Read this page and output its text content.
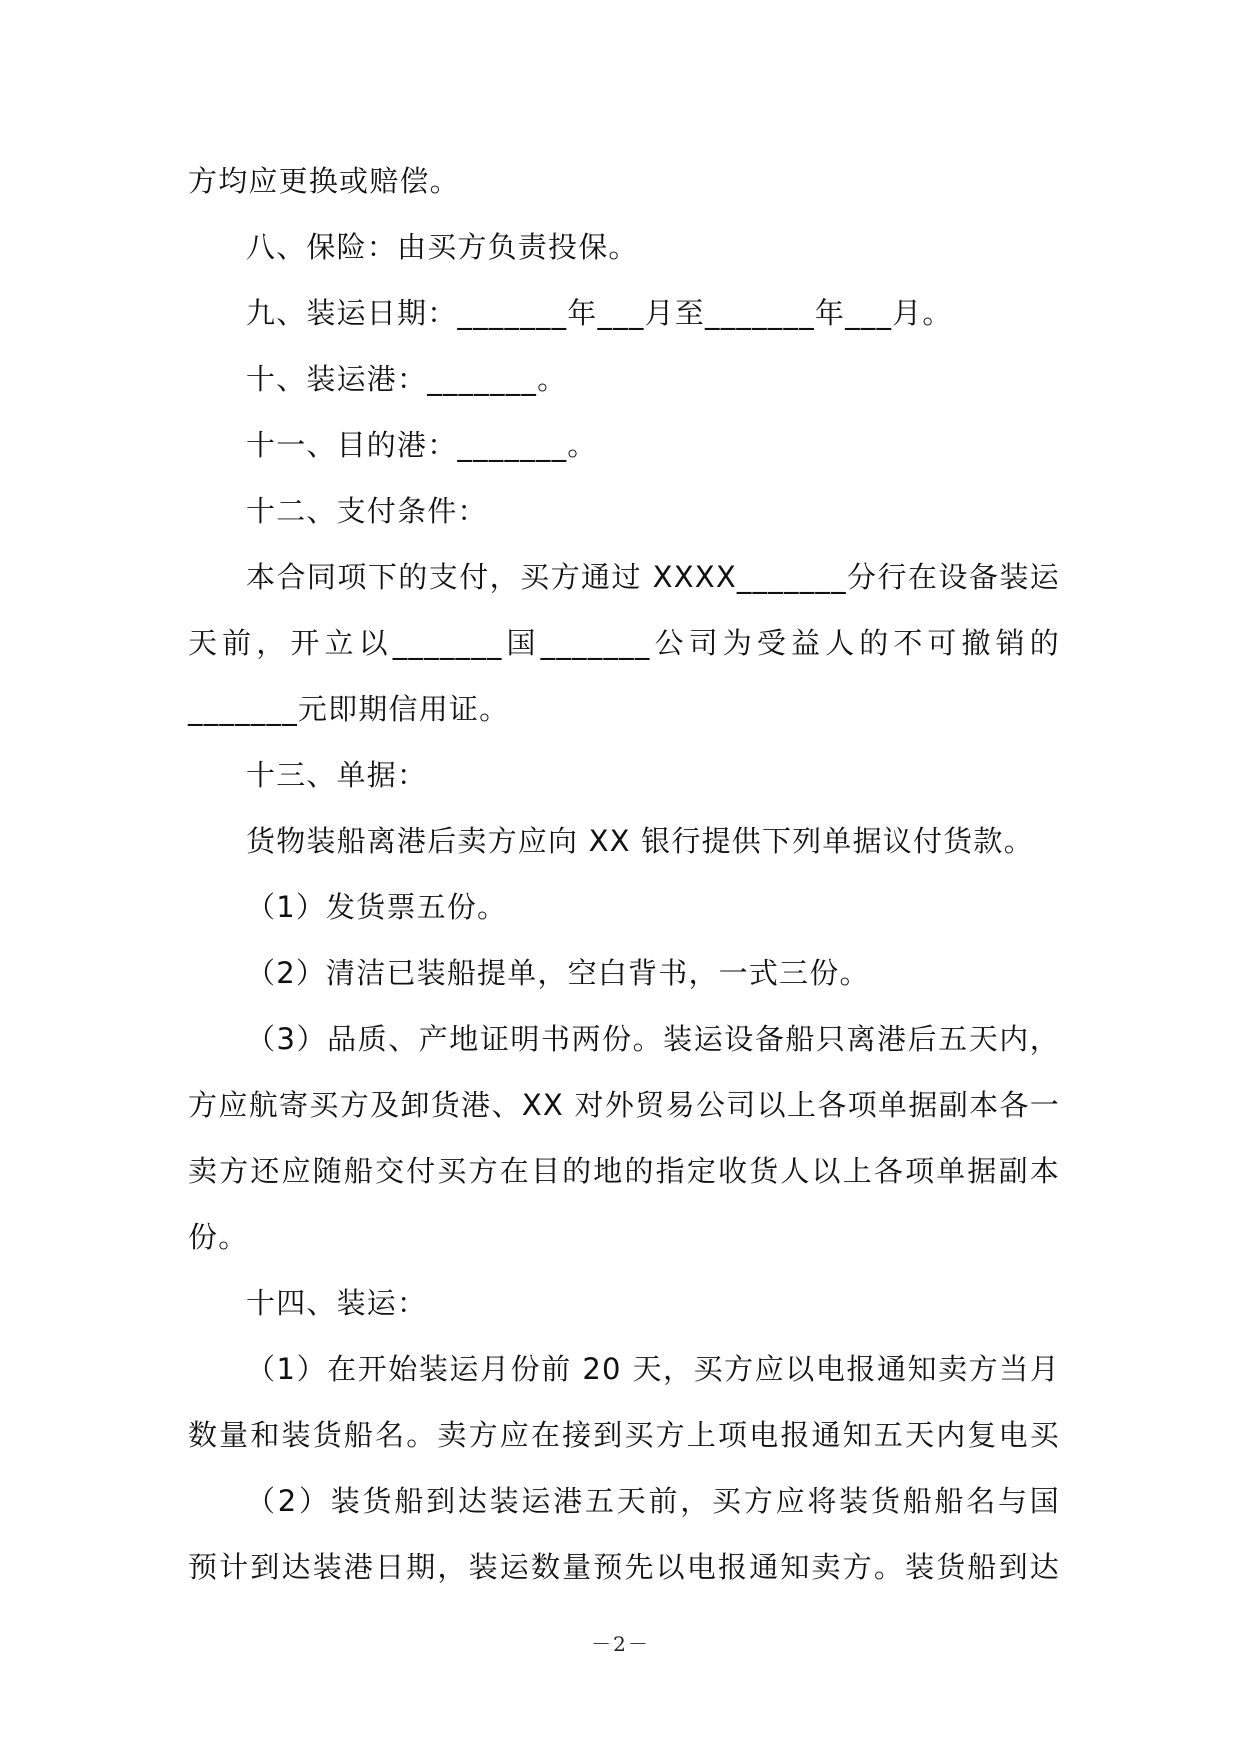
方均应更换或赔偿。
八、保险：由买方负责投保。
九、装运日期：_______年___月至_______年___月。
十、装运港：_______。
十一、目的港：_______。
十二、支付条件：
本合同项下的支付，买方通过 XXXX_______分行在设备装运
天前，开立以_______国_______公司为受益人的不可撤销的
_______元即期信用证。
十三、单据：
货物装船离港后卖方应向 XX 银行提供下列单据议付货款。
（1）发货票五份。
（2）清洁已装船提单，空白背书，一式三份。
（3）品质、产地证明书两份。装运设备船只离港后五天内，
方应航寄买方及卸货港、XX 对外贸易公司以上各项单据副本各一
卖方还应随船交付买方在目的地的指定收货人以上各项单据副本
份。
十四、装运：
（1）在开始装运月份前 20 天，买方应以电报通知卖方当月
数量和装货船名。卖方应在接到买方上项电报通知五天内复电买
（2）装货船到达装运港五天前，买方应将装货船船名与国
预计到达装港日期，装运数量预先以电报通知卖方。装货船到达
－2－
